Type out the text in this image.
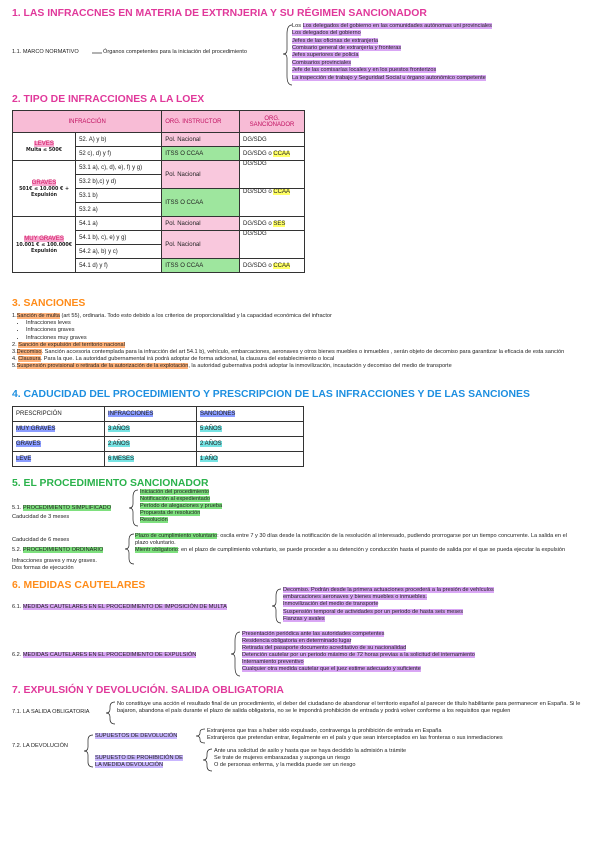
1. LAS INFRACCNES EN MATERIA DE EXTRNJERIA Y SU RÉGIMEN SANCIONADOR
1.1. MARCO NORMATIVO	Órganos competentes para la iniciación del procedimiento
Los Los delegados del gobierno en las comunidades autónomas uni provinciales
Los delegados del gobierno
Jefes de las oficinas de extranjería
Comisario general de extranjería y fronteras
Jefes superiores de policía
Comisarios provinciales
Jefe de las comisarías locales y en los puestos fronterizos
La inspección de trabajo y Seguridad Social u órgano autonómico competente
2. TIPO DE INFRACCIONES A LA LOEX
INFRACCIÓN		ORG. INSTRUCTOR	ORG. SANCIONADOR
LEVES
Multa ≤ 500€	52. A) y b)	Pol. Nacional	DG/SDG
	52 c), d) y f)	ITSS O CCAA	DG/SDG o CCAA
GRAVES
501€ ≤ 10.000 € +
Expulsión	53.1 a), c), d), e), f) y g)	Pol. Nacional	DG/SDG
	53.2 b),c) y d)		
	53.1 b)	ITSS O CCAA	DG/SDG o CCAA
	53.2 a)		
MUY GRAVES
10.001 € ≤ 100.000€
Expulsión	54.1 a)	Pol. Nacional	DG/SDG o SES
	54.1 b), c), e) y g)	Pol. Nacional	DG/SDG
	54.2 a), b) y c)		
	54.1 d) y f)	ITSS O CCAA	DG/SDG o CCAA
3. SANCIONES
1.Sanción de multa (art 55), ordinaria. Todo esto debido a los criterios de proporcionalidad y la capacidad económica del infractor
• Infracciones leves
• Infracciones graves
• Infracciones muy graves
2. Sanción de expulsión del territorio nacional
3.Decomiso. Sanción accesoria contemplada para la infracción del art 54.1 b), vehículo, embarcaciones, aeronaves y otros bienes muebles o inmuebles , serán objeto de decomiso para garantizar la eficacia de esta sanción
4. Clausura. Para la que. La autoridad gubernamental irá podrá adoptar de forma adicional, la clausura del establecimiento o local
5.Suspensión provisional o retirada de la autorización de la explotación, la autoridad gubernativa podrá adoptar la inmovilización, incautación y decomiso del medio de transporte
4. CADUCIDAD DEL PROCEDIMIENTO Y PRESCRIPCION DE LAS INFRACCIONES Y DE LAS SANCIONES
PRESCRIPCIÓN	INFRACCIONES	SANCIONES
MUY GRAVES	3 AÑOS	5 AÑOS
GRAVES	2 AÑOS	2 AÑOS
LEVE	6 MESES	1 AÑO
5. EL PROCEDIMIENTO SANCIONADOR
5.1. PROCEDIMIENTO SIMPLIFICADO
Caducidad de 3 meses
Iniciación del procedimiento
Notificación al expedientado
Período de alegaciones y prueba
Propuesta de resolución
Resolución
Caducidad de 6 meses
5.2. PROCEDIMIENTO ORDINARIO
Infracciones graves y muy graves.
Dos formas de ejecución
Plazo de cumplimiento voluntario: oscila entre 7 y 30 días desde la notificación de la resolución al interesado, pudiendo prorrogarse por un tiempo concurrente. La salida en el plazo voluntario.
Mientr obligatorio: en el plazo de cumplimiento voluntario, se puede proceder a su detención y conducción hasta el puesto de salida por el que se pueda ejecutar la expulsión
6. MEDIDAS CAUTELARES
6.1. MEDIDAS CAUTELARES EN EL PROCEDIMIENTO DE IMPOSICIÓN DE MULTA
Decomiso. Podrán desde la primera actuaciones procederá a la presión de vehículos embarcaciones aeronaves y bienes muebles o inmuebles.
Inmovilización del medio de transporte
Suspensión temporal de actividades por un periodo de hasta seis meses
Fianzas y avales
6.2. MEDIDAS CAUTELARES EN EL PROCEDIMIENTO DE EXPULSIÓN
Presentación periódica ante las autoridades competentes
Residencia obligatoria en determinado lugar
Retirada del pasaporte documento acreditativo de su nacionalidad
Detención cautelar por un periodo máximo de 72 horas previas a la solicitud del internamiento
Internamiento preventivo
Cualquier otra medida cautelar que el juez estime adecuado y suficiente
7. EXPULSIÓN Y DEVOLUCIÓN. SALIDA OBLIGATORIA
7.1. LA SALIDA OBLIGATORIA
No constituye una acción el resultado final de un procedimiento, el deber del ciudadano de abandonar el territorio español al parecer de título habilitante para permanecer en España. Si le bajaron, abandona el país durante el plazo de salida obligatoria, no se le impondrá prohibición de entrada y podrá volver conforme a los requisitos que regulen
7.2. LA DEVOLUCIÓN
SUPUESTOS DE DEVOLUCIÓN
Extranjeros que tras a haber sido expulsado, contravenga la prohibición de entrada en España
Extranjeros que pretendan entrar, ilegalmente en el país y que sean interceptados en las fronteras o sus inmediaciones
SUPUESTO DE PROHIBICIÓN DE
LA MEDIDA DEVOLUCIÓN
Ante una solicitud de asilo y hasta que se haya decidido la admisión a trámite
Se trate de mujeres embarazadas y suponga un riesgo
O de personas enferma, y la medida puede ser un riesgo
